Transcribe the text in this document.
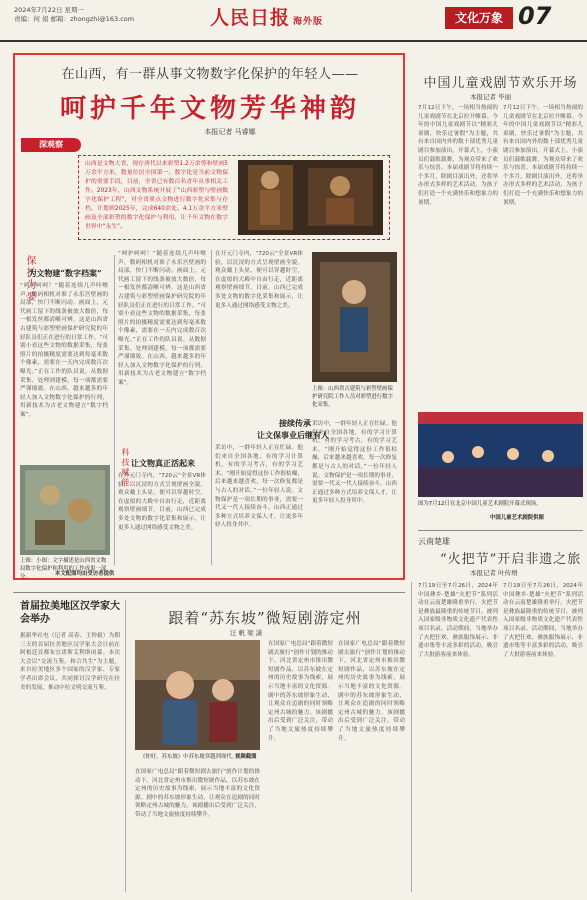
2024年7月22日 星期一
责编：何 娟 邮箱：zhongzhi@163.com	人民日报 海外版	文化万象 07
在山西，有一群从事文物数字化保护的年轻人——
呵护千年文物芳华神韵
本报记者 马睿娜
深观察
山西是文物大省，现存唐代以来彩塑1.2万余尊和壁画5万余平方米，数量位居全国第一。数字化是当前文物保护的重要手段，目前，全省已有数百名青年从事相关工作。2023年，山西文物系统开展了“山西彩塑与壁画数字化保护工程”，对全省重点文物进行数字化采集与存档，计划到2025年，完成640余处、4.1万余平方米壁画及全部彩塑的数字化保护与利用，让千年文物在数字世界中“永生”。
保护为要
为文物建“数字档案”
“呵护呵呵！”随着连续几声咔嚓声，数码相机对准了永乐宫壁画的局部，快门不断闪动。画面上，元代画工留下的线条被放大数倍，每一根发丝都清晰可辨。这是山西省古建筑与彩塑壁画保护研究院的年轻队员们正在进行的日常工作。“可别小看这些文物的数据采集，每张照片的拍摄精度需要达到每毫米数个像素，需要在一天内完成数百次曝光。”正在工作的队员说。从数据采集、处理到建模，每一项都需要严谨细致。在山西，越来越多的年轻人加入文物数字化保护的行列，用新技术为古老文物建立“数字档案”。
上图：小图：文字描述是山西省文物局数字化保护和利用的工作成果一部分。	本文配图均由受访者提供
“呵护呵呵！”随着连续几声咔嚓声，数码相机对准了永乐宫壁画的局部，快门不断闪动。画面上，元代画工留下的线条被放大数倍，每一根发丝都清晰可辨。这是山西省古建筑与彩塑壁画保护研究院的年轻队员们正在进行的日常工作。“可别小看这些文物的数据采集，每张照片的拍摄精度需要达到每毫米数个像素，需要在一天内完成数百次曝光。”正在工作的队员说。从数据采集、处理到建模，每一项都需要严谨细致。在山西，越来越多的年轻人加入文物数字化保护的行列，用新技术为古老文物建立“数字档案”。
科技赋能 让文物真正活起来
在开元门寺内，“720云”全景VR体验，以沉浸的方式呈现壁画全貌。观众戴上头显，便可以穿越时空，在虚拟的大殿中自由行走，近距离观察壁画细节。目前，山西已完成多处文物的数字化采集和展示，让更多人通过网络感受文物之美。
在开元门寺内，“720云”全景VR体验，以沉浸的方式呈现壁画全貌。观众戴上头显，便可以穿越时空，在虚拟的大殿中自由行走，近距离观察壁画细节。目前，山西已完成多处文物的数字化采集和展示，让更多人通过网络感受文物之美。
接续传承
让文保事业后继有人
采访中，一群年轻人正在忙碌。他们来自全国各地，有的学习计算机，有的学习考古，有的学习艺术。“刚开始觉得这份工作很枯燥，后来越来越喜欢，每一次修复都是与古人的对话。”一位年轻人说。文物保护是一项长期的事业，需要一代又一代人接续奋斗。山西正通过多种方式培养文保人才，让更多年轻人投身其中。
上图：山西省古建筑与彩塑壁画保护研究院工作人员对彩塑进行数字化采集。
采访中，一群年轻人正在忙碌。他们来自全国各地，有的学习计算机，有的学习考古，有的学习艺术。“刚开始觉得这份工作很枯燥，后来越来越喜欢，每一次修复都是与古人的对话。”一位年轻人说。文物保护是一项长期的事业，需要一代又一代人接续奋斗。山西正通过多种方式培养文保人才，让更多年轻人投身其中。
中国儿童戏剧节欢乐开场
本报记者 毕丽
7月12日下午，一场相当热闹的儿童戏剧节在北京拉开帷幕。今年的中国儿童戏剧节以“精彩儿童剧，快乐过暑假”为主题，共有来自国内外的数十部优秀儿童剧目参加演出。开幕式上，小演员们载歌载舞，为观众带来了欢乐与惊喜。本届戏剧节将持续一个多月，除剧目演出外，还将举办形式多样的艺术活动，为孩子们打造一个充满快乐和想象力的暑期。
7月12日下午，一场相当热闹的儿童戏剧节在北京拉开帷幕。今年的中国儿童戏剧节以“精彩儿童剧，快乐过暑假”为主题，共有来自国内外的数十部优秀儿童剧目参加演出。开幕式上，小演员们载歌载舞，为观众带来了欢乐与惊喜。本届戏剧节将持续一个多月，除剧目演出外，还将举办形式多样的艺术活动，为孩子们打造一个充满快乐和想象力的暑期。
图为7月12日在北京中国儿童艺术剧院开幕式现场。
中国儿童艺术剧院供图
云南楚雄
“火把节”开启非遗之旅
本报记者 叶传增
7月19日至7月26日，2024年中国彝乡·楚雄“火把节”系列活动在云南楚雄隆重举行。火把节是彝族最隆重的传统节日，被列入国家级非物质文化遗产代表性项目名录。活动期间，当地举办了火把狂欢、彝族服饰展示、非遗市集等丰富多彩的活动，吸引了大批游客前来体验。
7月19日至7月26日，2024年中国彝乡·楚雄“火把节”系列活动在云南楚雄隆重举行。火把节是彝族最隆重的传统节日，被列入国家级非物质文化遗产代表性项目名录。活动期间，当地举办了火把狂欢、彝族服饰展示、非遗市集等丰富多彩的活动，吸引了大批游客前来体验。
首届拉美地区汉学家大会举办
据新华社电（记者 高春、王钟毅）为期三天的首届拉美地区汉学家大会日前在阿根廷首都布宜诺斯艾利斯闭幕。本次大会以“交流互鉴、和合共生”为主题，来自拉美地区多个国家的汉学家、专家学者出席会议，共同探讨汉学研究在拉美的发展，推动中拉文明交流互鉴。
跟着“苏东坡”微短剧游定州
汪 帆 梁 潇
《你好，苏东坡》中苏东坡穿越到现代。
视频截图
在国家广电总局“跟着微短剧去旅行”创作计划的推动下，河北省定州市推出微短剧作品，以苏东坡在定州的历史故事为线索，展示当地丰富的文化资源。剧中的苏东坡形象生动，让观众在追剧的同时领略定州古城的魅力。该剧播出后受到广泛关注，带动了当地文旅热度持续攀升。
在国家广电总局“跟着微短剧去旅行”创作计划的推动下，河北省定州市推出微短剧作品，以苏东坡在定州的历史故事为线索，展示当地丰富的文化资源。剧中的苏东坡形象生动，让观众在追剧的同时领略定州古城的魅力。该剧播出后受到广泛关注，带动了当地文旅热度持续攀升。
在国家广电总局“跟着微短剧去旅行”创作计划的推动下，河北省定州市推出微短剧作品，以苏东坡在定州的历史故事为线索，展示当地丰富的文化资源。剧中的苏东坡形象生动，让观众在追剧的同时领略定州古城的魅力。该剧播出后受到广泛关注，带动了当地文旅热度持续攀升。
